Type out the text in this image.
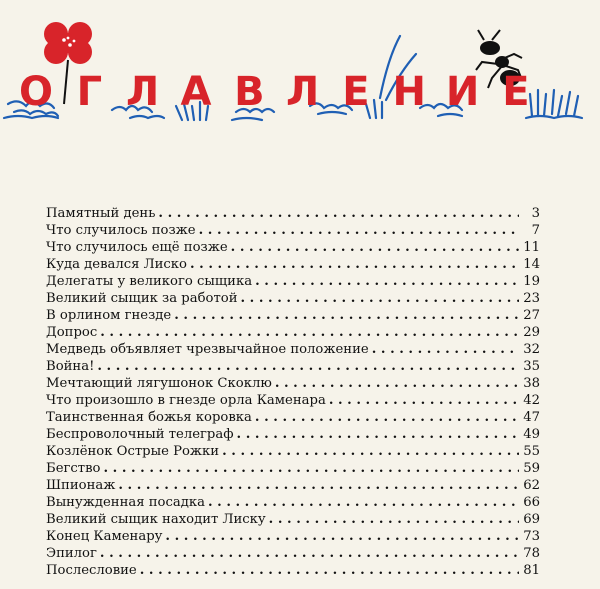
О Г Л А В Л Е Н И Е
Памятный день . .	3
Что случилось позже . .	7
Что случилось ещё позже . .	11
Куда девался Лиско . .	14
Делегаты у великого сыщика . .	19
Великий сыщик за работой . .	23
В орлином гнезде . .	27
Допрос . .	29
Медведь объявляет чрезвычайное положение . .	32
Война! . .	35
Мечтающий лягушонок Скоклю . .	38
Что произошло в гнезде орла Каменара . .	42
Таинственная божья коровка . .	47
Беспроволочный телеграф . .	49
Козлёнок Острые Рожки . .	55
Бегство . .	59
Шпионаж . .	62
Вынужденная посадка . .	66
Великий сыщик находит Лиску . .	69
Конец Каменару . .	73
Эпилог . .	78
Послесловие . .	81
